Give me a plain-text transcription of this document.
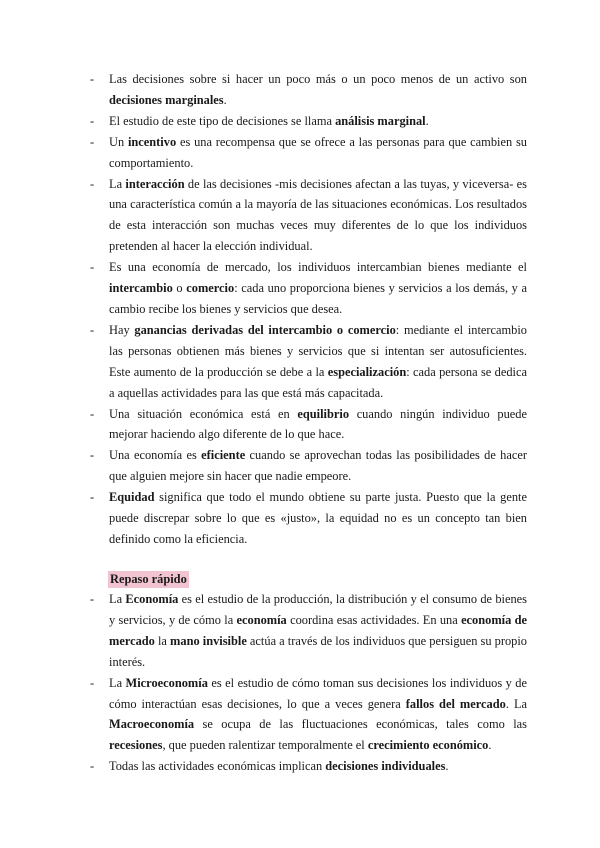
-	Las decisiones sobre si hacer un poco más o un poco menos de un activo son decisiones marginales.
-	El estudio de este tipo de decisiones se llama análisis marginal.
-	Un incentivo es una recompensa que se ofrece a las personas para que cambien su comportamiento.
-	La interacción de las decisiones -mis decisiones afectan a las tuyas, y viceversa- es una característica común a la mayoría de las situaciones económicas. Los resultados de esta interacción son muchas veces muy diferentes de lo que los individuos pretenden al hacer la elección individual.
-	Es una economía de mercado, los individuos intercambian bienes mediante el intercambio o comercio: cada uno proporciona bienes y servicios a los demás, y a cambio recibe los bienes y servicios que desea.
-	Hay ganancias derivadas del intercambio o comercio: mediante el intercambio las personas obtienen más bienes y servicios que si intentan ser autosuficientes. Este aumento de la producción se debe a la especialización: cada persona se dedica a aquellas actividades para las que está más capacitada.
-	Una situación económica está en equilibrio cuando ningún individuo puede mejorar haciendo algo diferente de lo que hace.
-	Una economía es eficiente cuando se aprovechan todas las posibilidades de hacer que alguien mejore sin hacer que nadie empeore.
-	Equidad significa que todo el mundo obtiene su parte justa. Puesto que la gente puede discrepar sobre lo que es «justo», la equidad no es un concepto tan bien definido como la eficiencia.
Repaso rápido
-	La Economía es el estudio de la producción, la distribución y el consumo de bienes y servicios, y de cómo la economía coordina esas actividades. En una economía de mercado la mano invisible actúa a través de los individuos que persiguen su propio interés.
-	La Microeconomía es el estudio de cómo toman sus decisiones los individuos y de cómo interactúan esas decisiones, lo que a veces genera fallos del mercado. La Macroeconomía se ocupa de las fluctuaciones económicas, tales como las recesiones, que pueden ralentizar temporalmente el crecimiento económico.
-	Todas las actividades económicas implican decisiones individuales.
